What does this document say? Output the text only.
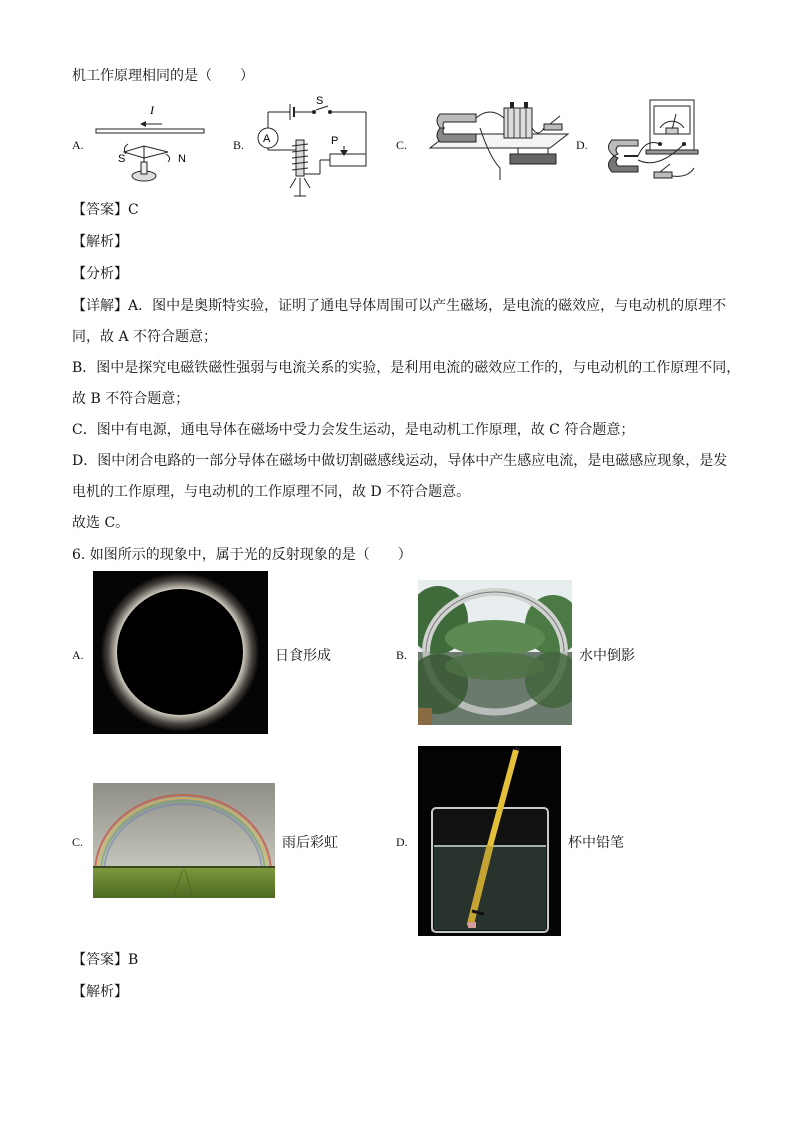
机工作原理相同的是（　　）
A.
I
S	N
B.
S
A	P	C.	D.
【答案】C
【解析】
【分析】
【详解】A．图中是奥斯特实验，证明了通电导体周围可以产生磁场，是电流的磁效应，与电动机的原理不
同，故 A 不符合题意；
B．图中是探究电磁铁磁性强弱与电流关系的实验，是利用电流的磁效应工作的，与电动机的工作原理不同，
故 B 不符合题意；
C．图中有电源，通电导体在磁场中受力会发生运动，是电动机工作原理，故 C 符合题意；
D．图中闭合电路的一部分导体在磁场中做切割磁感线运动，导体中产生感应电流，是电磁感应现象，是发
电机的工作原理，与电动机的工作原理不同，故 D 不符合题意。
故选 C。
6. 如图所示的现象中，属于光的反射现象的是（　　）
A.	日食形成	B.	水中倒影
C.	雨后彩虹	D.	杯中铅笔
【答案】B
【解析】
